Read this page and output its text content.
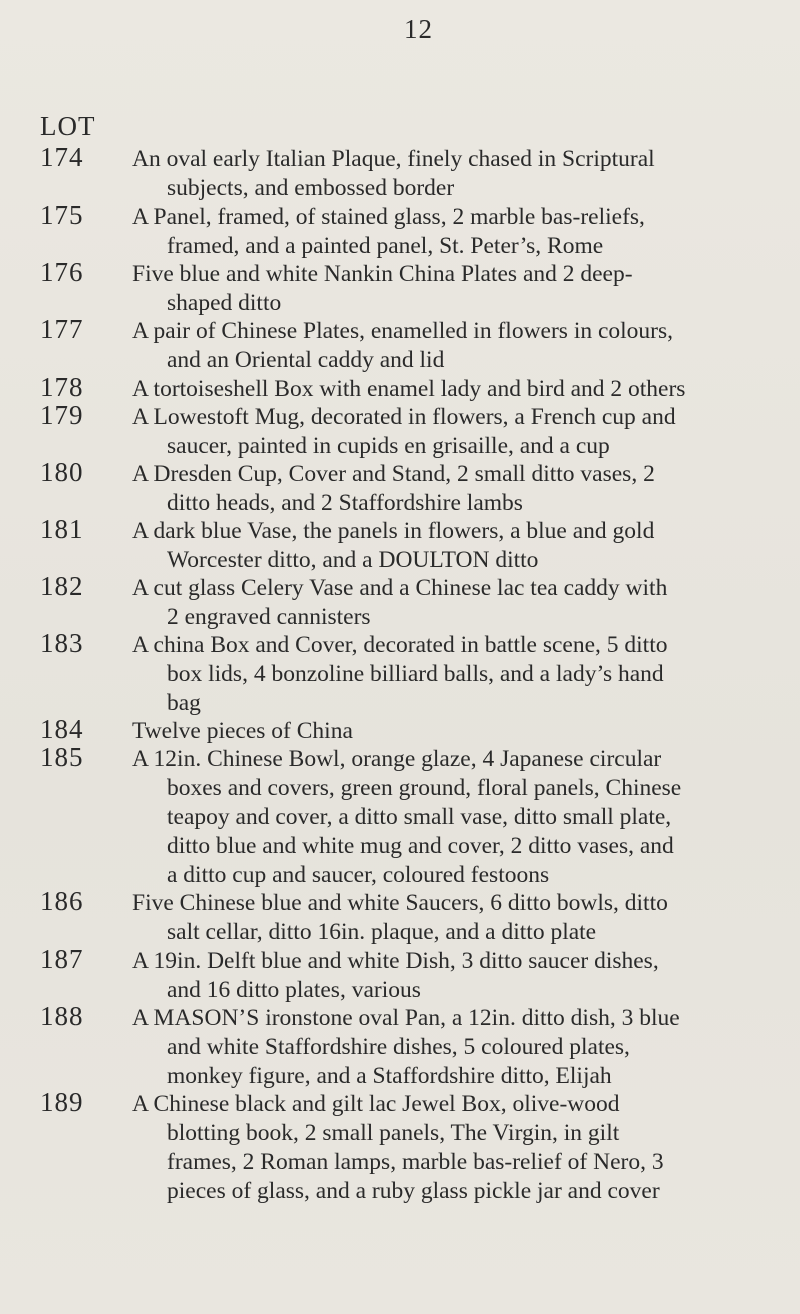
12
LOT
174	An oval early Italian Plaque, finely chased in Scriptural
subjects, and embossed border
175	A Panel, framed, of stained glass, 2 marble bas-reliefs,
framed, and a painted panel, St. Peter’s, Rome
176	Five blue and white Nankin China Plates and 2 deep-
shaped ditto
177	A pair of Chinese Plates, enamelled in flowers in colours,
and an Oriental caddy and lid
178	A tortoiseshell Box with enamel lady and bird and 2 others
179	A Lowestoft Mug, decorated in flowers, a French cup and
saucer, painted in cupids en grisaille, and a cup
180	A Dresden Cup, Cover and Stand, 2 small ditto vases, 2
ditto heads, and 2 Staffordshire lambs
181	A dark blue Vase, the panels in flowers, a blue and gold
Worcester ditto, and a DOULTON ditto
182	A cut glass Celery Vase and a Chinese lac tea caddy with
2 engraved cannisters
183	A china Box and Cover, decorated in battle scene, 5 ditto
box lids, 4 bonzoline billiard balls, and a lady’s hand
bag
184	Twelve pieces of China
185	A 12in. Chinese Bowl, orange glaze, 4 Japanese circular
boxes and covers, green ground, floral panels, Chinese
teapoy and cover, a ditto small vase, ditto small plate,
ditto blue and white mug and cover, 2 ditto vases, and
a ditto cup and saucer, coloured festoons
186	Five Chinese blue and white Saucers, 6 ditto bowls, ditto
salt cellar, ditto 16in. plaque, and a ditto plate
187	A 19in. Delft blue and white Dish, 3 ditto saucer dishes,
and 16 ditto plates, various
188	A MASON’S ironstone oval Pan, a 12in. ditto dish, 3 blue
and white Staffordshire dishes, 5 coloured plates,
monkey figure, and a Staffordshire ditto, Elijah
189	A Chinese black and gilt lac Jewel Box, olive-wood
blotting book, 2 small panels, The Virgin, in gilt
frames, 2 Roman lamps, marble bas-relief of Nero, 3
pieces of glass, and a ruby glass pickle jar and cover
